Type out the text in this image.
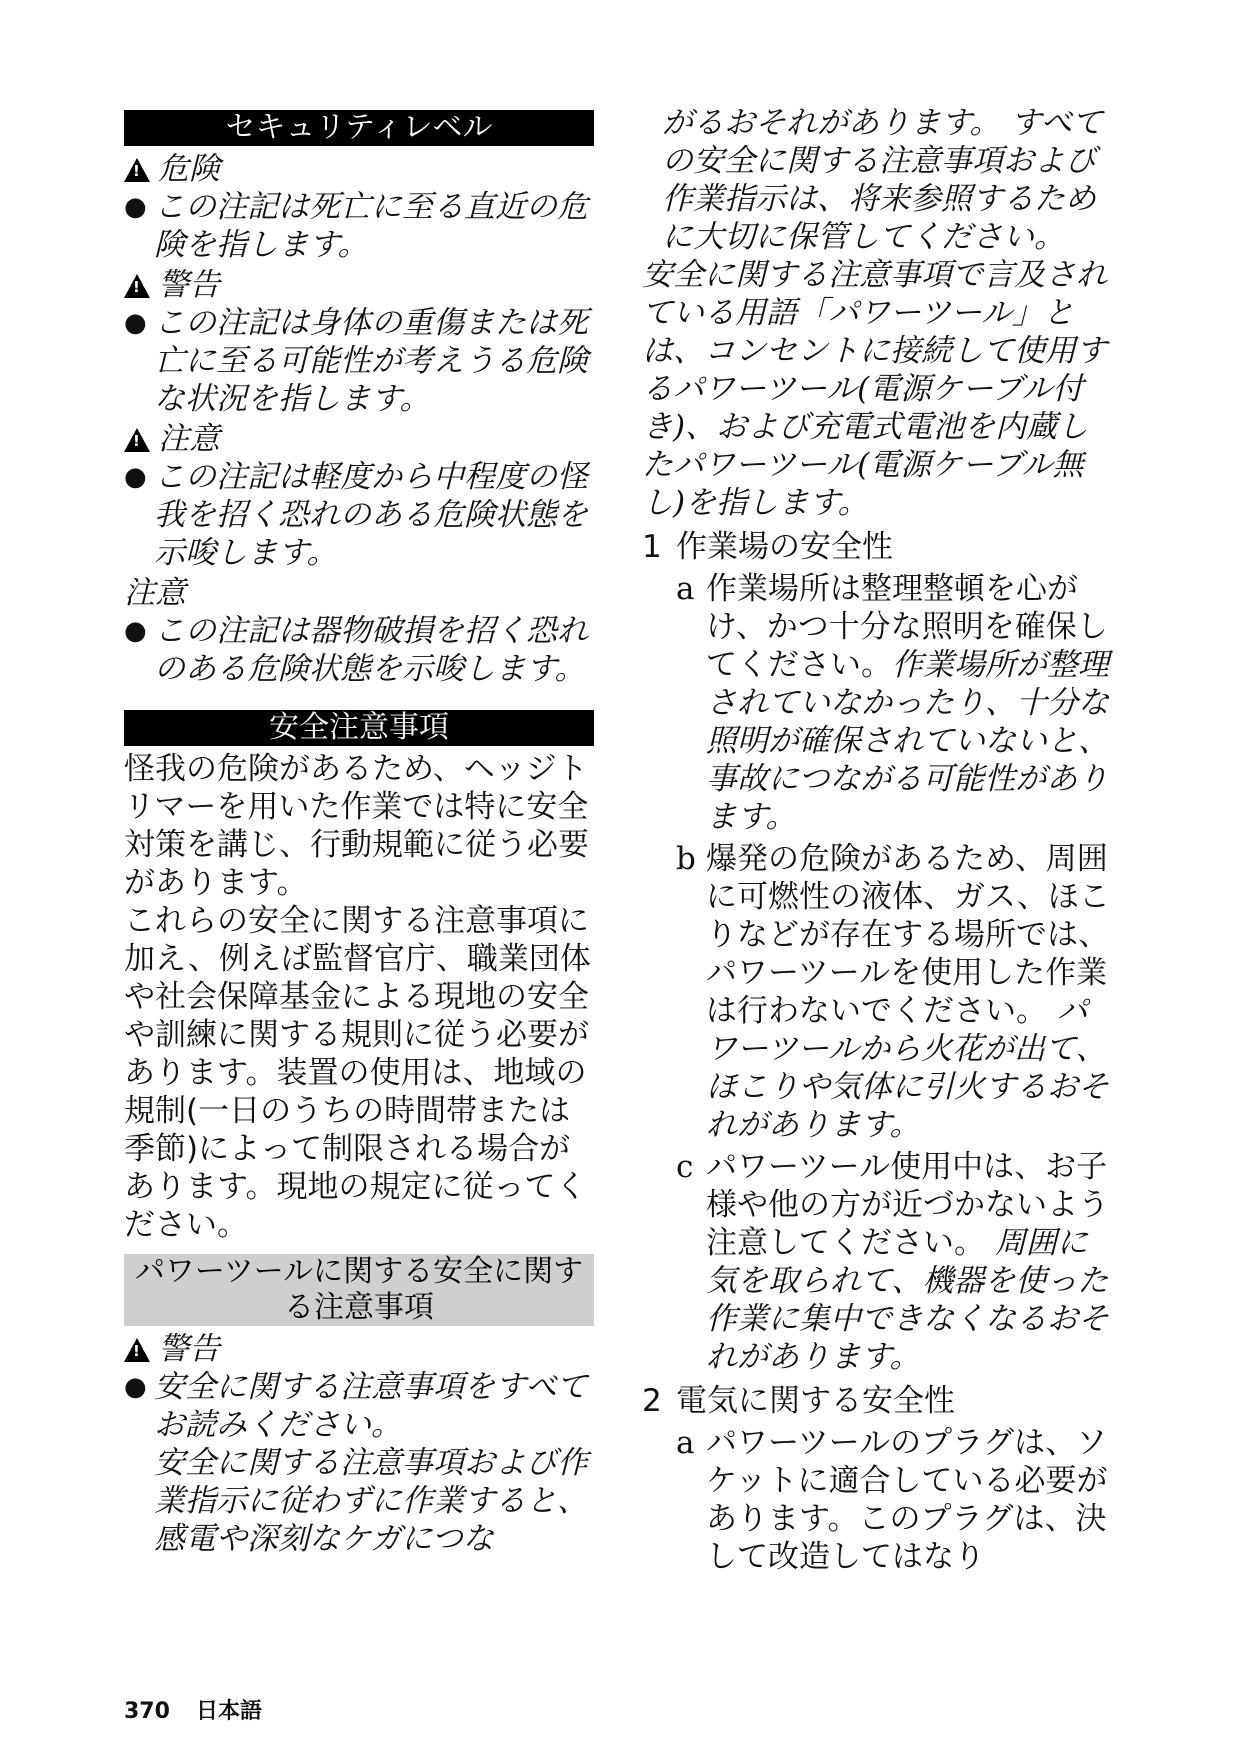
セキュリティレベル
!危険
● この注記は死亡に至る直近の危険を指します。
!警告
● この注記は身体の重傷または死亡に至る可能性が考えうる危険な状況を指します。
!注意
● この注記は軽度から中程度の怪我を招く恐れのある危険状態を示唆します。
注意
● この注記は器物破損を招く恐れのある危険状態を示唆します。
安全注意事項
怪我の危険があるため、ヘッジトリマーを用いた作業では特に安全対策を講じ、行動規範に従う必要があります。
これらの安全に関する注意事項に加え、例えば監督官庁、職業団体や社会保障基金による現地の安全や訓練に関する規則に従う必要があります。装置の使用は、地域の規制(一日のうちの時間帯または季節)によって制限される場合があります。現地の規定に従ってください。
パワーツールに関する安全に関する注意事項
!警告
● 安全に関する注意事項をすべてお読みください。
安全に関する注意事項および作業指示に従わずに作業すると、感電や深刻なケガにつな
がるおそれがあります。 すべての安全に関する注意事項および作業指示は、将来参照するために大切に保管してください。
安全に関する注意事項で言及されている用語「パワーツール」とは、コンセントに接続して使用するパワーツール(電源ケーブル付き)、および充電式電池を内蔵したパワーツール(電源ケーブル無し)を指します。
1 作業場の安全性
a 作業場所は整理整頓を心がけ、かつ十分な照明を確保してください。作業場所が整理されていなかったり、十分な照明が確保されていないと、事故につながる可能性があります。
b 爆発の危険があるため、周囲に可燃性の液体、ガス、ほこりなどが存在する場所では、パワーツールを使用した作業は行わないでください。 パワーツールから火花が出て、ほこりや気体に引火するおそれがあります。
c パワーツール使用中は、お子様や他の方が近づかないよう注意してください。 周囲に気を取られて、機器を使った作業に集中できなくなるおそれがあります。
2 電気に関する安全性
a パワーツールのプラグは、ソケットに適合している必要があります。このプラグは、決して改造してはなり
370 日本語
